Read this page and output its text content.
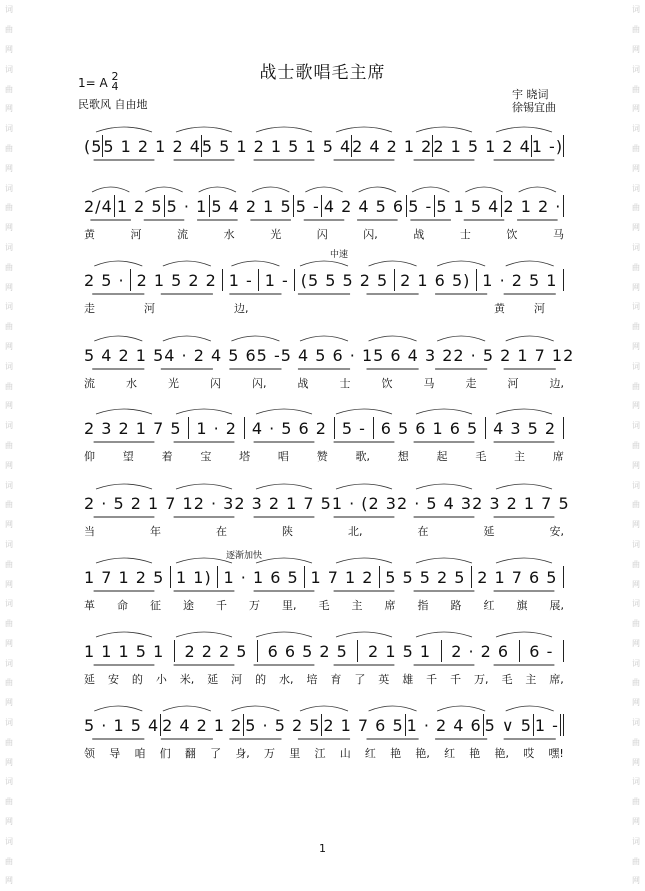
词
曲
网
词
曲
网
词
曲
网
词
曲
网
词
曲
网
词
曲
网
词
曲
网
词
曲
网
词
曲
网
词
曲
网
词
曲
网
词
曲
网
词
曲
网
词
曲
网
词
曲
网
词
曲
网
词
曲
网
词
曲
网
词
曲
网
词
曲
网
词
曲
网
词
曲
网
词
曲
网
词
曲
网
词
曲
网
词
曲
网
词
曲
网
词
曲
网
词
曲
网
词
曲
网
战士歌唱毛主席
1= A 2
4
民歌风 自由地
宇 晓词
徐锡宜曲
中速
逐渐加快
(5 5 1 2 1 2 4 5 5 1 2 1 5 1 5 4 2 4 2 1 2 2 1 5 1 2 4 1 -)
2/4 1 2 5 5 · 1 5 4 2 1 5 5 - 4 2 4 5 6 5 - 5 1 5 4 2 1 2 ·
黄	河	流	水	光	闪	闪,	战	士	饮	马
2 5 · 2 1 5 2 2 1 - 1 - (5 5 5 2 5 2 1 6 5) 1 · 2 5 1
走	河	边,	黄	河
5 4 2 1 5 4 · 2 4 5 6 5 - 5 4 5 6 · 1 5 6 4 3 2 2 · 5 2 1 7 1 2
流	水	光	闪	闪,	战	士	饮	马	走	河	边,
2 3 2 1 7 5 1 · 2 4 · 5 6 2 5 - 6 5 6 1 6 5 4 3 5 2
仰	望	着	宝	塔	唱	赞	歌,	想	起	毛	主	席
2 · 5 2 1 7 1 2 · 3 2 3 2 1 7 5 1 · (2 3 2 · 5 4 3 2 3 2 1 7 5
当	年	在	陕	北,	在	延	安,
1 7 1 2 5 1 1) 1 · 1 6 5 1 7 1 2 5 5 5 2 5 2 1 7 6 5
革 命 征 途 千 万 里, 毛 主 席 指 路 红 旗 展,
1 1 1 5 1 2 2 2 5 6 6 5 2 5 2 1 5 1 2 · 2 6 6 -
延 安 的 小 米, 延 河 的 水, 培 育 了 英 雄 千 千 万, 毛 主 席,
5 · 1 5 4 2 4 2 1 2 5 · 5 2 5 2 1 7 6 5 1 · 2 4 6 5 ∨ 5 1 -
领 导 咱 们 翻 了 身, 万 里 江 山 红 艳 艳, 红 艳 艳, 哎 嘿!
1
